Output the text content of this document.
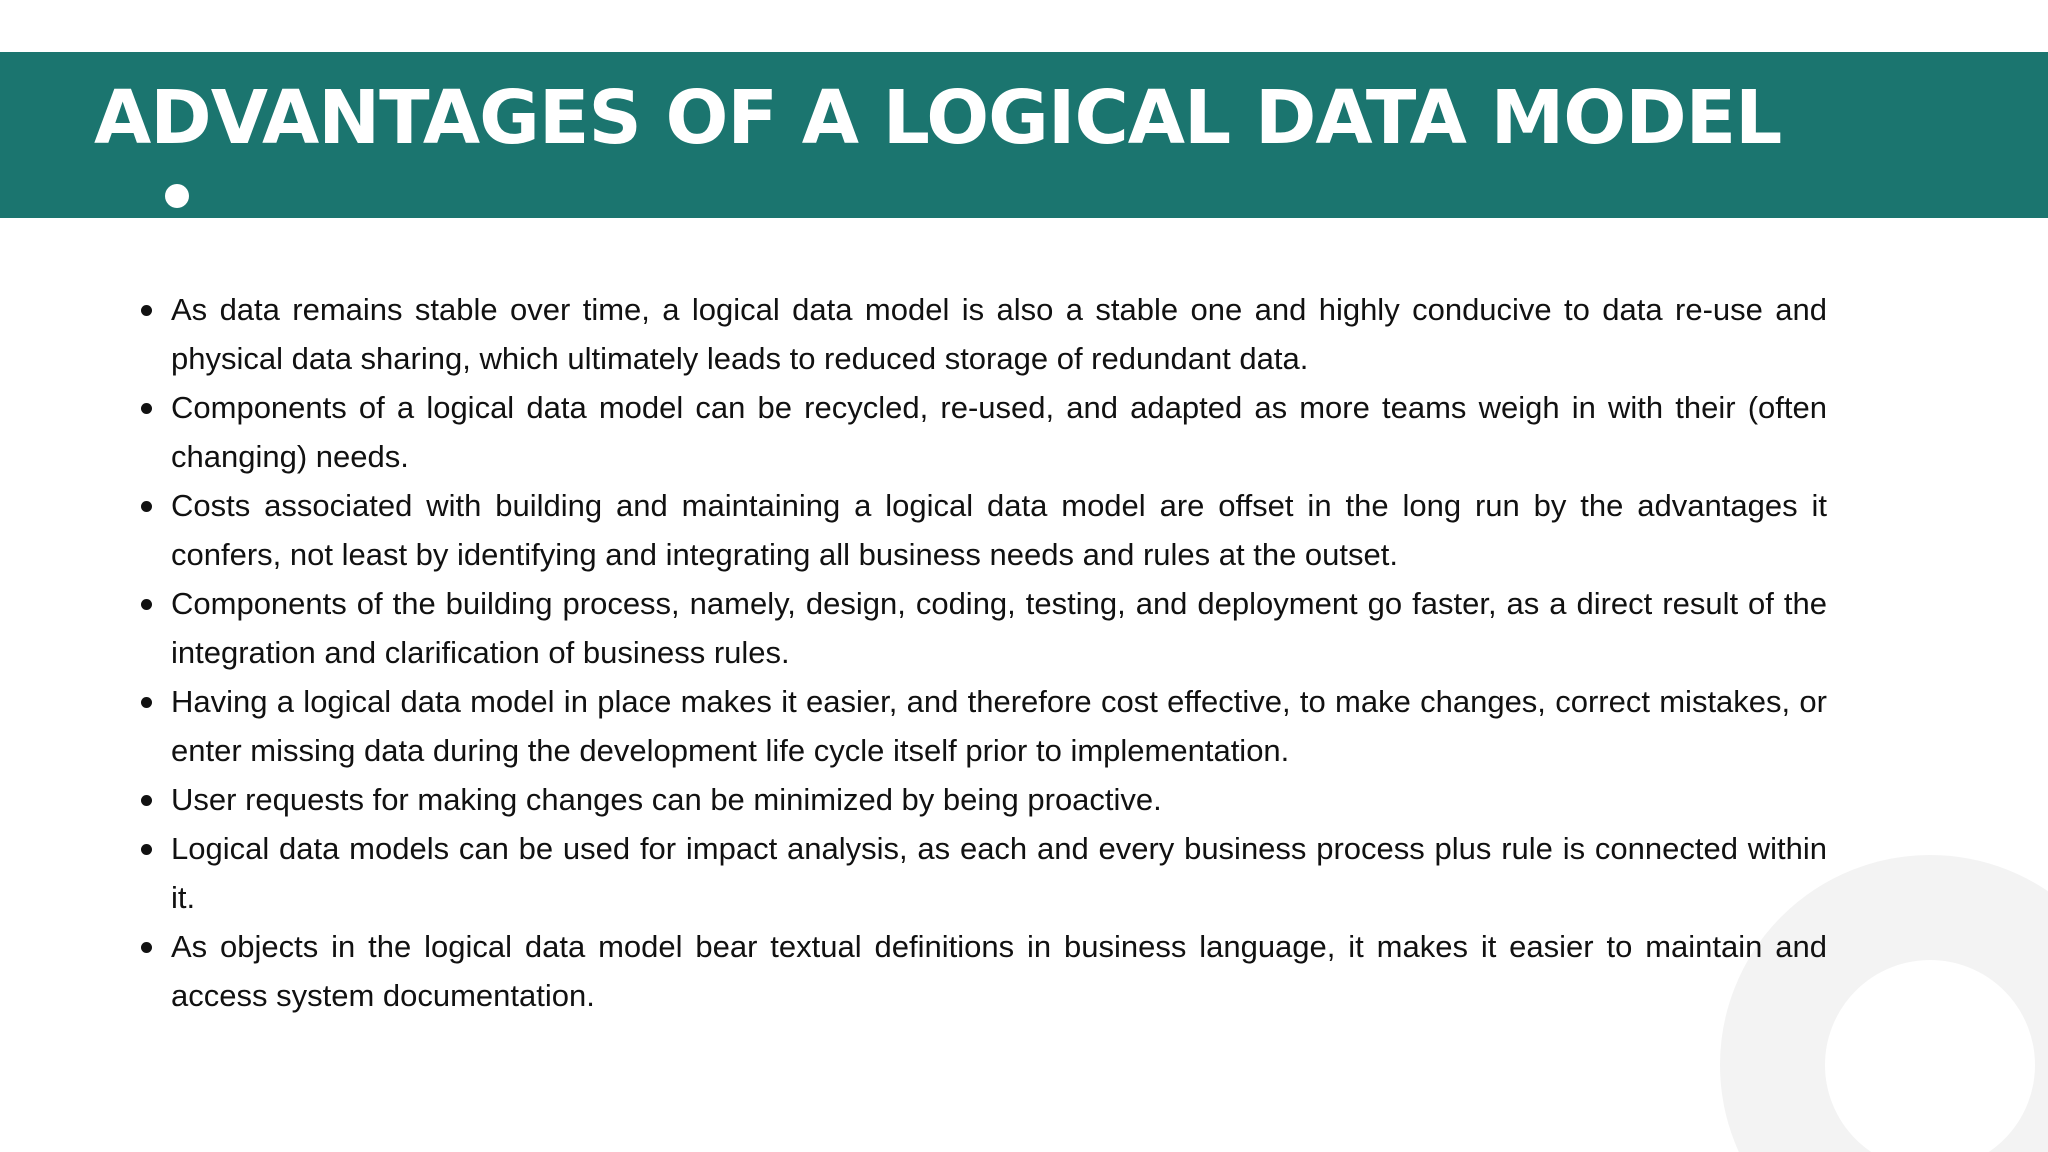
ADVANTAGES OF A LOGICAL DATA MODEL
As data remains stable over time, a logical data model is also a stable one and highly conducive to data re-use and physical data sharing, which ultimately leads to reduced storage of redundant data.
Components of a logical data model can be recycled, re-used, and adapted as more teams weigh in with their (often changing) needs.
Costs associated with building and maintaining a logical data model are offset in the long run by the advantages it confers, not least by identifying and integrating all business needs and rules at the outset.
Components of the building process, namely, design, coding, testing, and deployment go faster, as a direct result of the integration and clarification of business rules.
Having a logical data model in place makes it easier, and therefore cost effective, to make changes, correct mistakes, or enter missing data during the development life cycle itself prior to implementation.
User requests for making changes can be minimized by being proactive.
Logical data models can be used for impact analysis, as each and every business process plus rule is connected within it.
As objects in the logical data model bear textual definitions in business language, it makes it easier to maintain and access system documentation.
